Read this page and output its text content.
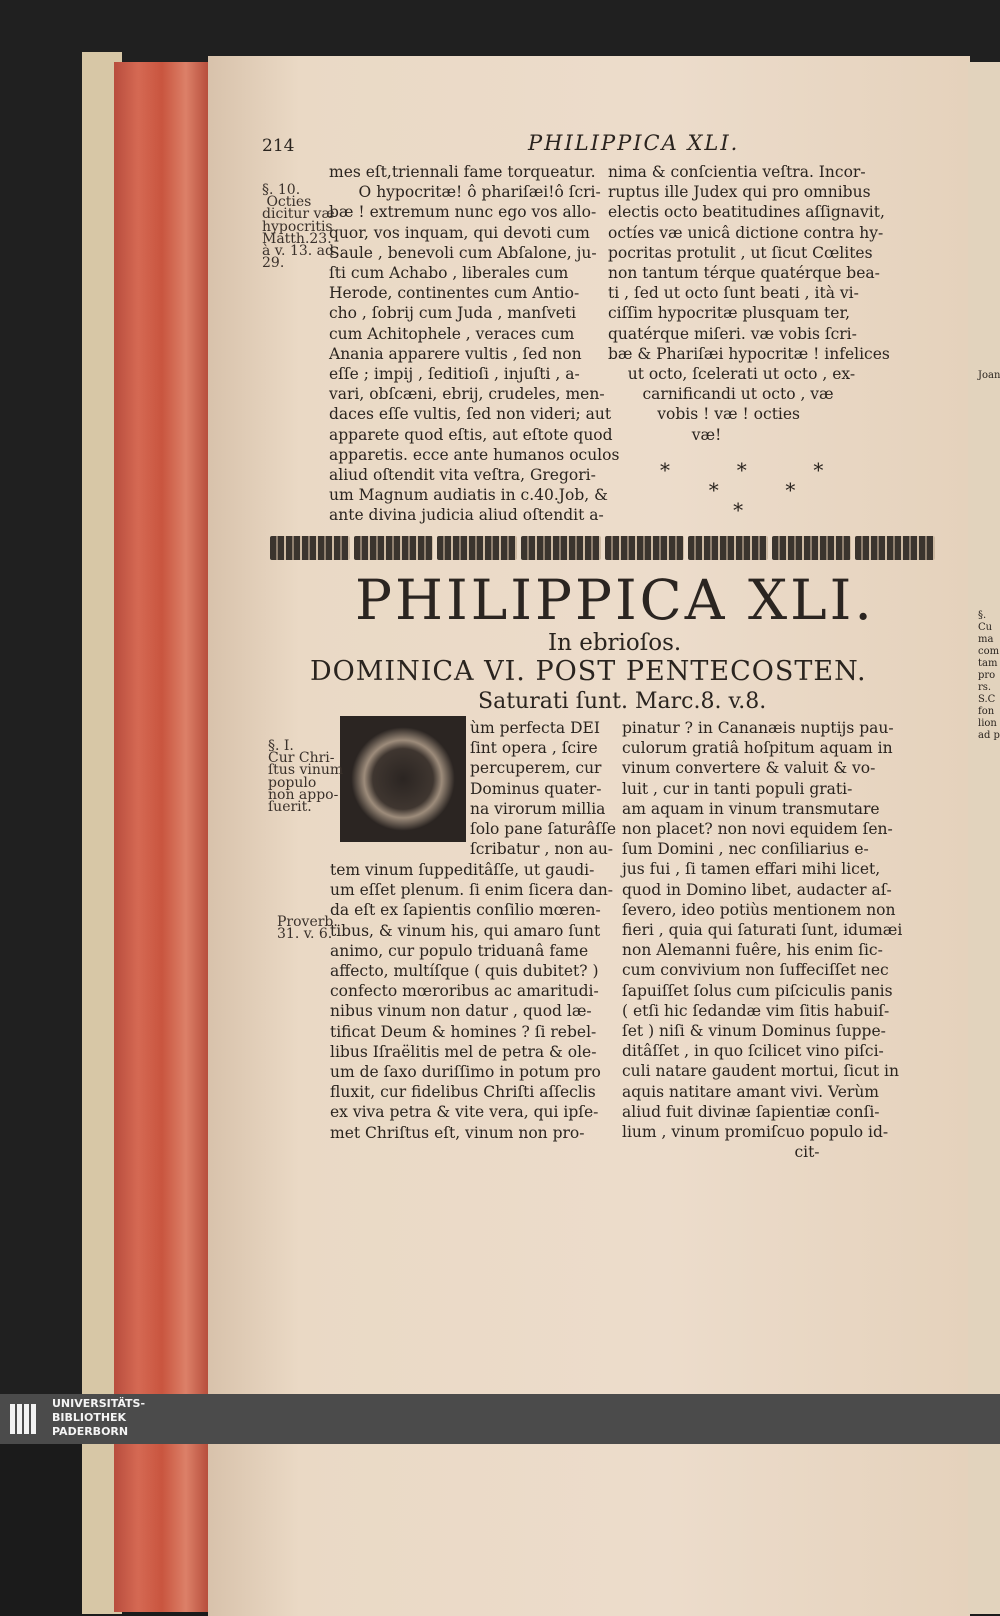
214	PHILIPPICA XLI.
§. 10.
Octies
dicitur væ
hypocritis
Matth.23.
à v. 13. ad
29.
mes eſt,triennali fame torqueatur.
O hypocritæ! ô phariſæi!ô ſcri-
bæ ! extremum nunc ego vos allo-
quor, vos inquam, qui devoti cum
Saule , benevoli cum Abſalone, ju-
ſti cum Achabo , liberales cum
Herode, continentes cum Antio-
cho , ſobrij cum Juda , manſveti
cum Achitophele , veraces cum
Anania apparere vultis , ſed non
eſſe ; impij , ſeditioſi , injuſti , a-
vari, obſcæni, ebrij, crudeles, men-
daces eſſe vultis, ſed non videri; aut
apparete quod eſtis, aut eſtote quod
apparetis. ecce ante humanos oculos
aliud oſtendit vita veſtra, Gregori-
um Magnum audiatis in c.40.Job, &
ante divina judicia aliud oſtendit a-
nima & conſcientia veſtra. Incor-
ruptus ille Judex qui pro omnibus
electis octo beatitudines aſſignavit,
octíes væ unicâ dictione contra hy-
pocritas protulit , ut ſicut Cœlites
non tantum térque quatérque bea-
ti , ſed ut octo ſunt beati , ità vi-
ciſſim hypocritæ plusquam ter,
quatérque miſeri. væ vobis ſcri-
bæ & Phariſæi hypocritæ ! infelices
ut octo, ſcelerati ut octo , ex-
carnificandi ut octo , væ
vobis ! væ ! octies
væ!
*  *  *
*  *
*
PHILIPPICA XLI.
In ebrioſos.
DOMINICA VI. POST PENTECOSTEN.
Saturati ſunt. Marc.8. v.8.
§. I.
Cur Chri-
ſtus vinum
populo
non appo-
ſuerit.
Proverb.
31. v. 6.
ùm perfecta DEI
ſint opera , ſcire
percuperem, cur
Dominus quater-
na virorum millia
ſolo pane ſaturâſſe
ſcribatur , non au-
tem vinum ſuppeditâſſe, ut gaudi-
um eſſet plenum. ſi enim ſicera dan-
da eſt ex ſapientis conſilio mœren-
tibus, & vinum his, qui amaro ſunt
animo, cur populo triduanâ fame
affecto, multíſque ( quis dubitet? )
confecto mœroribus ac amaritudi-
nibus vinum non datur , quod læ-
tificat Deum & homines ? ſi rebel-
libus Iſraëlitis mel de petra & ole-
um de ſaxo duriſſimo in potum pro
fluxit, cur fidelibus Chriſti aſſeclis
ex viva petra & vite vera, qui ipſe-
met Chriſtus eſt, vinum non pro-
pinatur ? in Cananæis nuptijs pau-
culorum gratiâ hoſpitum aquam in
vinum convertere & valuit & vo-
luit , cur in tanti populi grati-
am aquam in vinum transmutare
non placet? non novi equidem ſen-
ſum Domini , nec conſiliarius e-
jus fui , ſi tamen effari mihi licet,
quod in Domino libet, audacter aſ-
ſevero, ideo potiùs mentionem non
fieri , quia qui ſaturati ſunt, idumæi
non Alemanni fuêre, his enim ſic-
cum convivium non ſuffeciſſet nec
ſapuiſſet ſolus cum piſciculis panis
( etſi hic ſedandæ vim ſitis habuiſ-
ſet ) niſi & vinum Dominus ſuppe-
ditâſſet , in quo ſcilicet vino piſci-
culi natare gaudent mortui, ſicut in
aquis natitare amant vivi. Verùm
aliud fuit divinæ ſapientiæ conſi-
lium , vinum promiſcuo populo id-
cit-
Joan

§.
Cu
ma
com
tam
pro
rs.
S.C
fon
lion
ad p
UNIVERSITÄTS-
BIBLIOTHEK
PADERBORN
